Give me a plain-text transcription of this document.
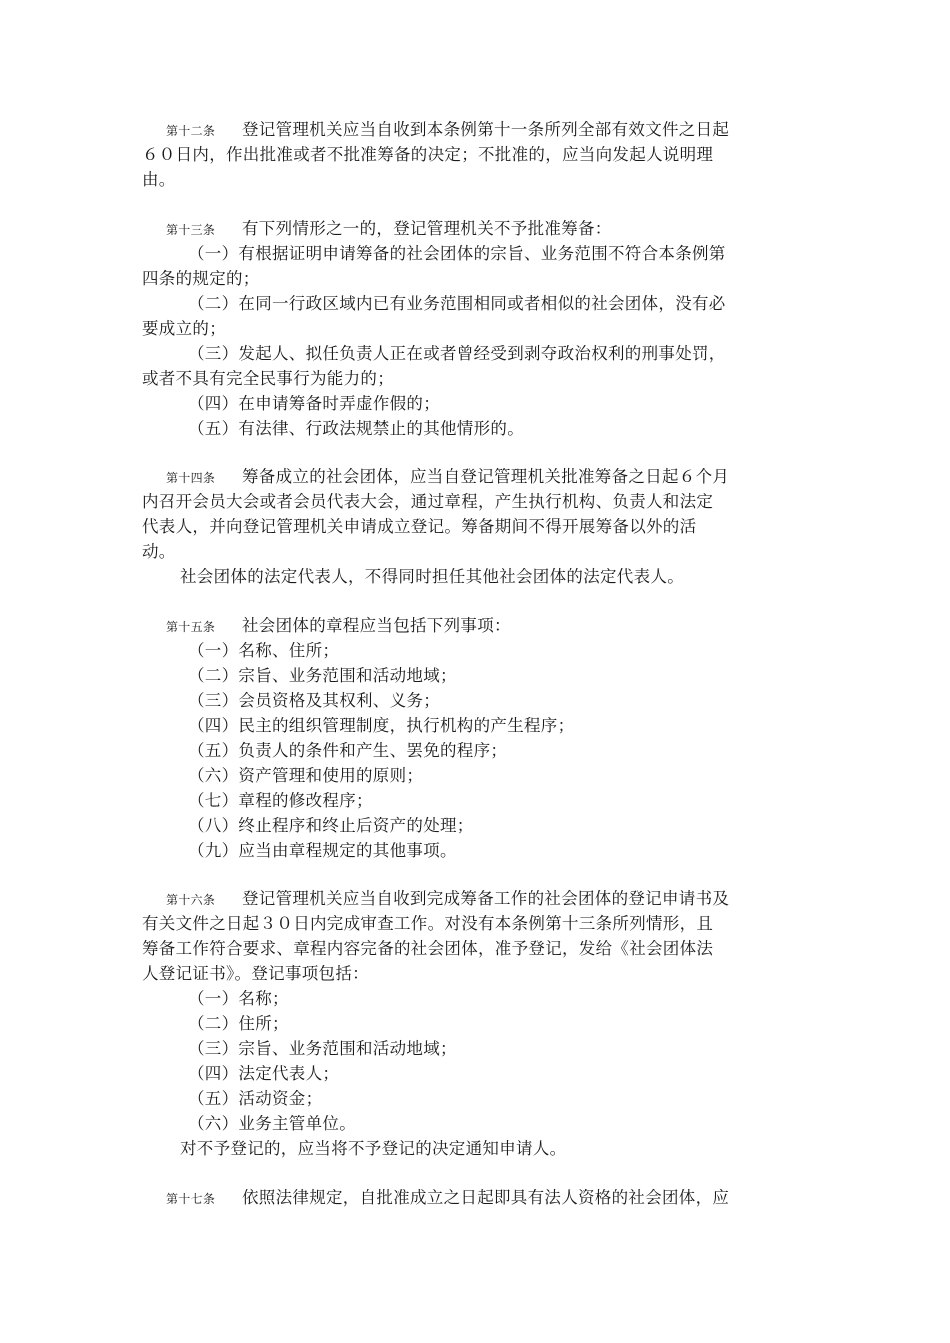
第十二条 登记管理机关应当自收到本条例第十一条所列全部有效文件之日起
６０日内，作出批准或者不批准筹备的决定；不批准的，应当向发起人说明理
由。
第十三条 有下列情形之一的，登记管理机关不予批准筹备：
（一）有根据证明申请筹备的社会团体的宗旨、业务范围不符合本条例第
四条的规定的；
（二）在同一行政区域内已有业务范围相同或者相似的社会团体，没有必
要成立的；
（三）发起人、拟任负责人正在或者曾经受到剥夺政治权利的刑事处罚，
或者不具有完全民事行为能力的；
（四）在申请筹备时弄虚作假的；
（五）有法律、行政法规禁止的其他情形的。
第十四条 筹备成立的社会团体，应当自登记管理机关批准筹备之日起６个月
内召开会员大会或者会员代表大会，通过章程，产生执行机构、负责人和法定
代表人，并向登记管理机关申请成立登记。筹备期间不得开展筹备以外的活
动。
社会团体的法定代表人，不得同时担任其他社会团体的法定代表人。
第十五条 社会团体的章程应当包括下列事项：
（一）名称、住所；
（二）宗旨、业务范围和活动地域；
（三）会员资格及其权利、义务；
（四）民主的组织管理制度，执行机构的产生程序；
（五）负责人的条件和产生、罢免的程序；
（六）资产管理和使用的原则；
（七）章程的修改程序；
（八）终止程序和终止后资产的处理；
（九）应当由章程规定的其他事项。
第十六条 登记管理机关应当自收到完成筹备工作的社会团体的登记申请书及
有关文件之日起３０日内完成审查工作。对没有本条例第十三条所列情形，且
筹备工作符合要求、章程内容完备的社会团体，准予登记，发给《社会团体法
人登记证书》。登记事项包括：
（一）名称；
（二）住所；
（三）宗旨、业务范围和活动地域；
（四）法定代表人；
（五）活动资金；
（六）业务主管单位。
对不予登记的，应当将不予登记的决定通知申请人。
第十七条 依照法律规定，自批准成立之日起即具有法人资格的社会团体，应
